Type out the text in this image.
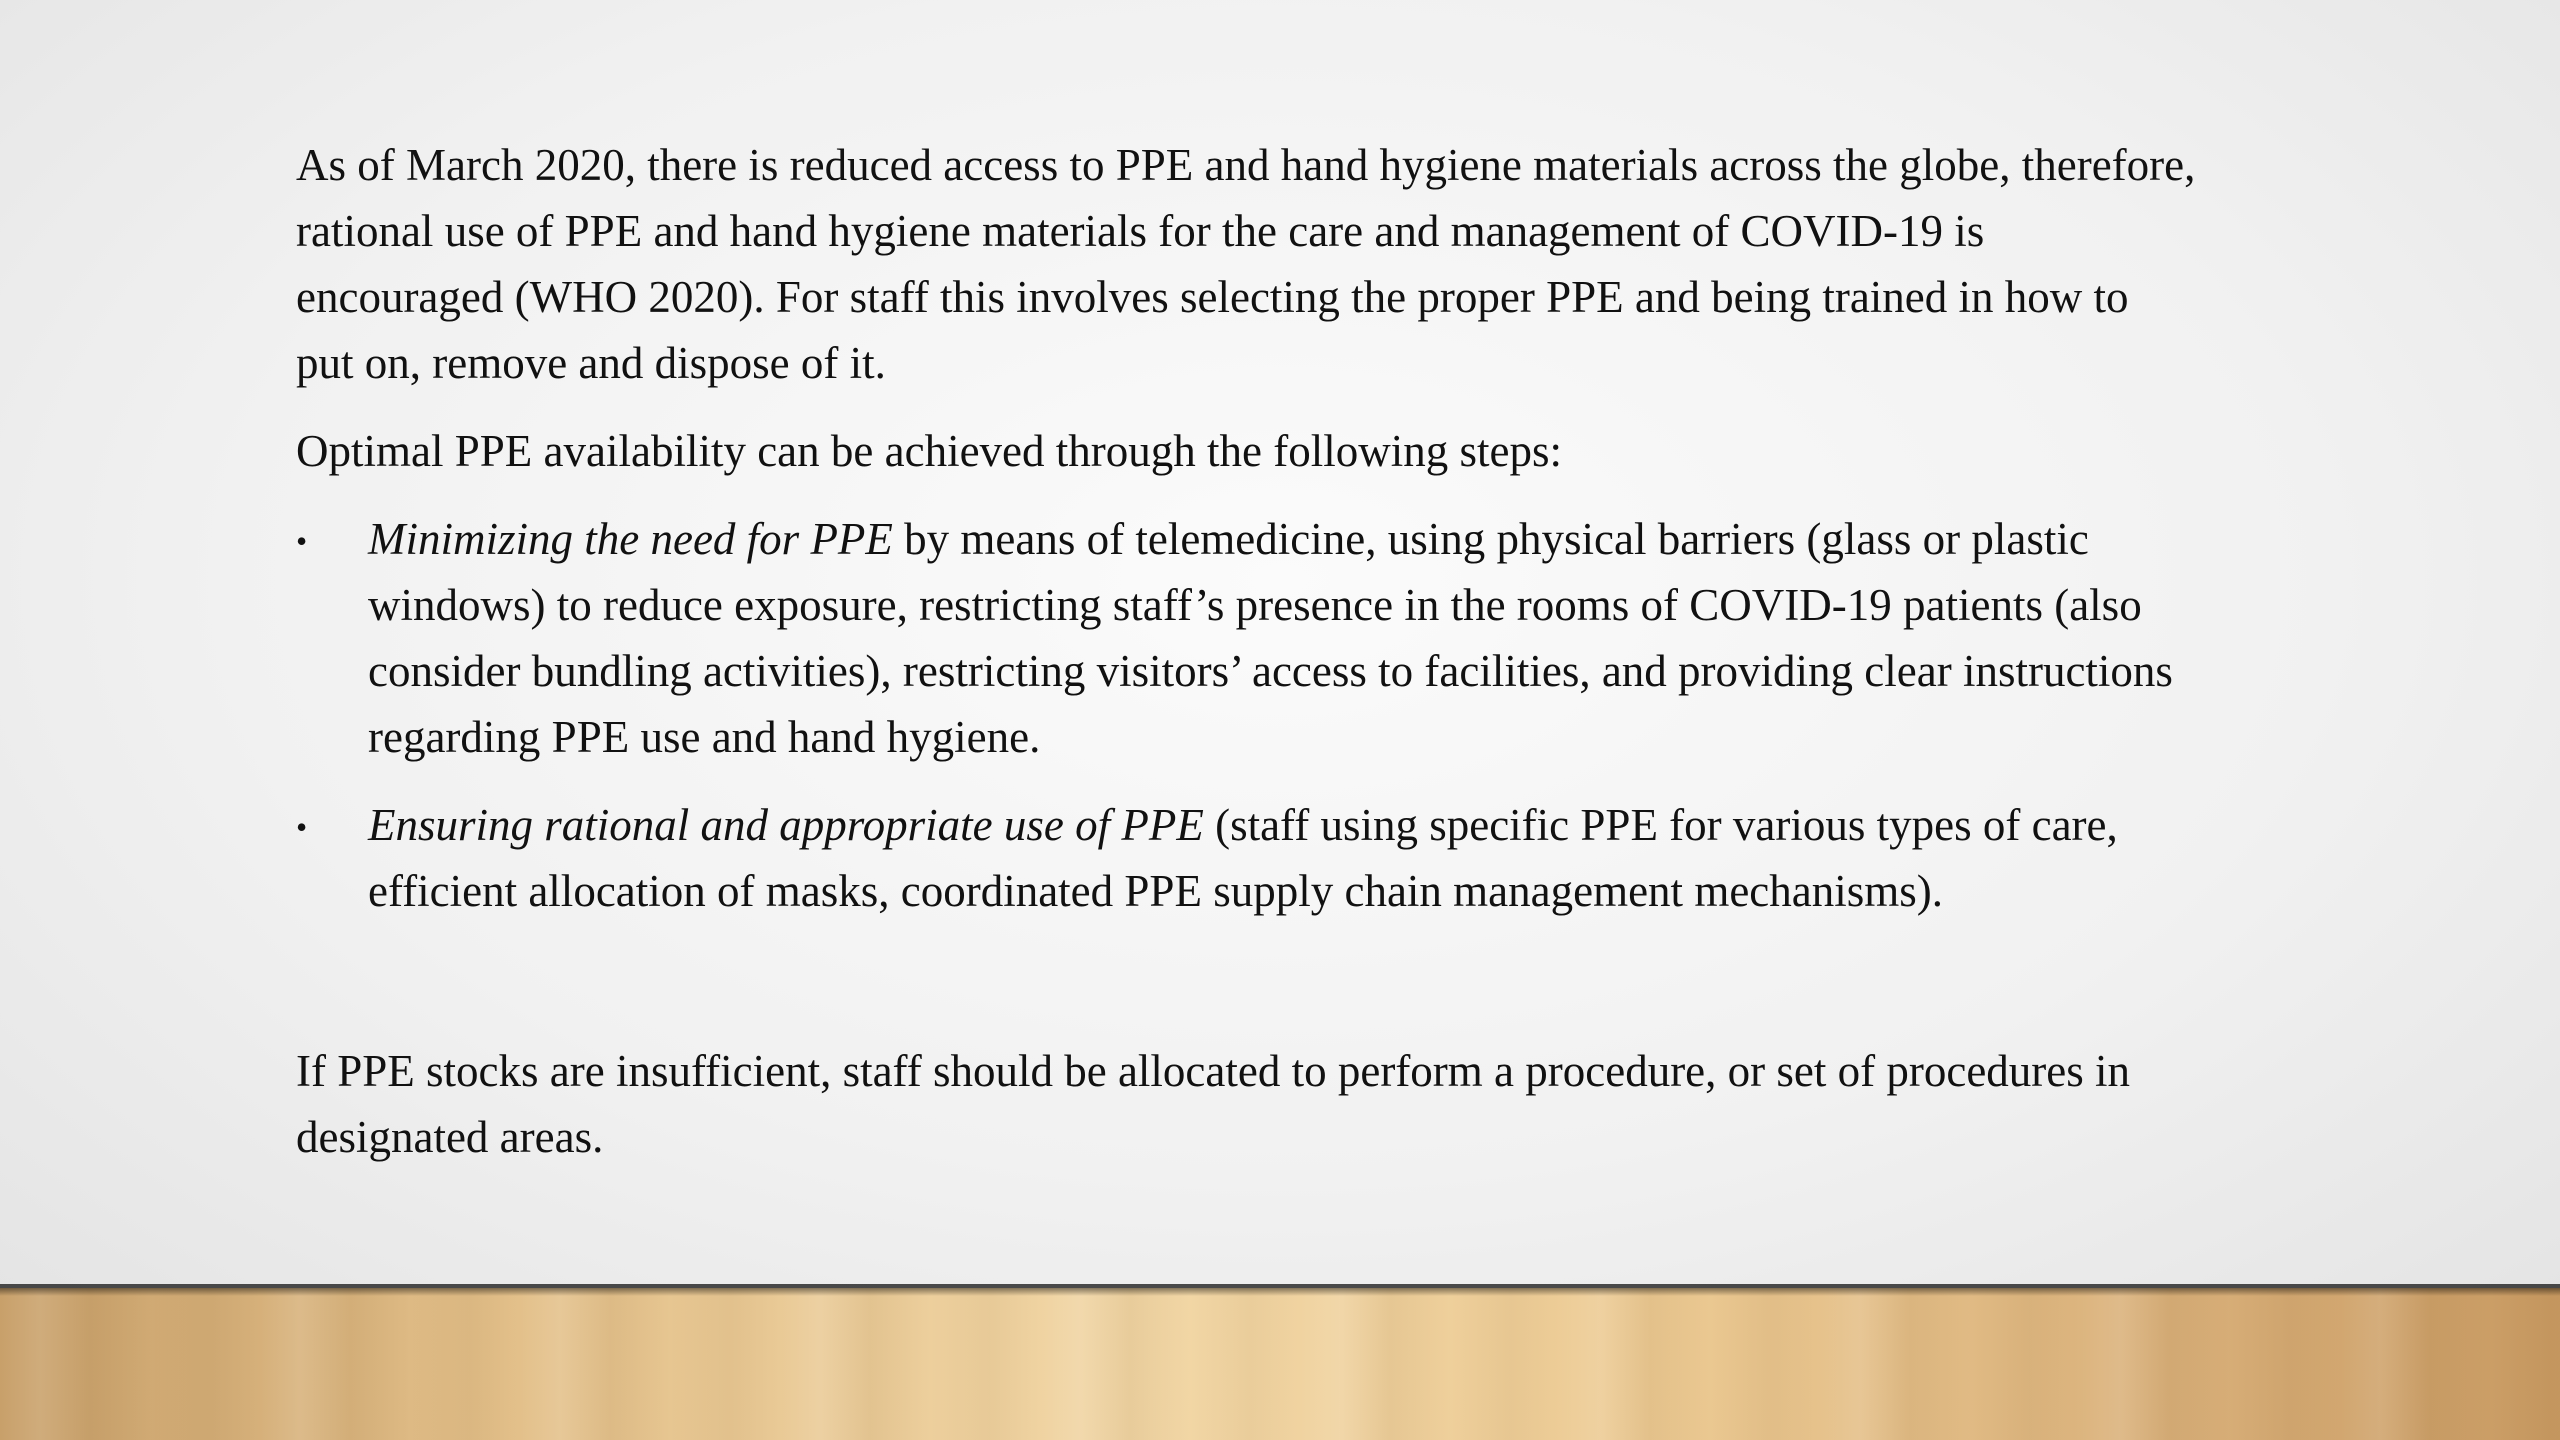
As of March 2020, there is reduced access to PPE and hand hygiene materials across the globe, therefore, rational use of PPE and hand hygiene materials for the care and management of COVID-19 is encouraged (WHO 2020). For staff this involves selecting the proper PPE and being trained in how to put on, remove and dispose of it.

Optimal PPE availability can be achieved through the following steps:

• Minimizing the need for PPE by means of telemedicine, using physical barriers (glass or plastic windows) to reduce exposure, restricting staff’s presence in the rooms of COVID-19 patients (also consider bundling activities), restricting visitors’ access to facilities, and providing clear instructions regarding PPE use and hand hygiene.
• Ensuring rational and appropriate use of PPE (staff using specific PPE for various types of care, efficient allocation of masks, coordinated PPE supply chain management mechanisms).

If PPE stocks are insufficient, staff should be allocated to perform a procedure, or set of procedures in designated areas.
